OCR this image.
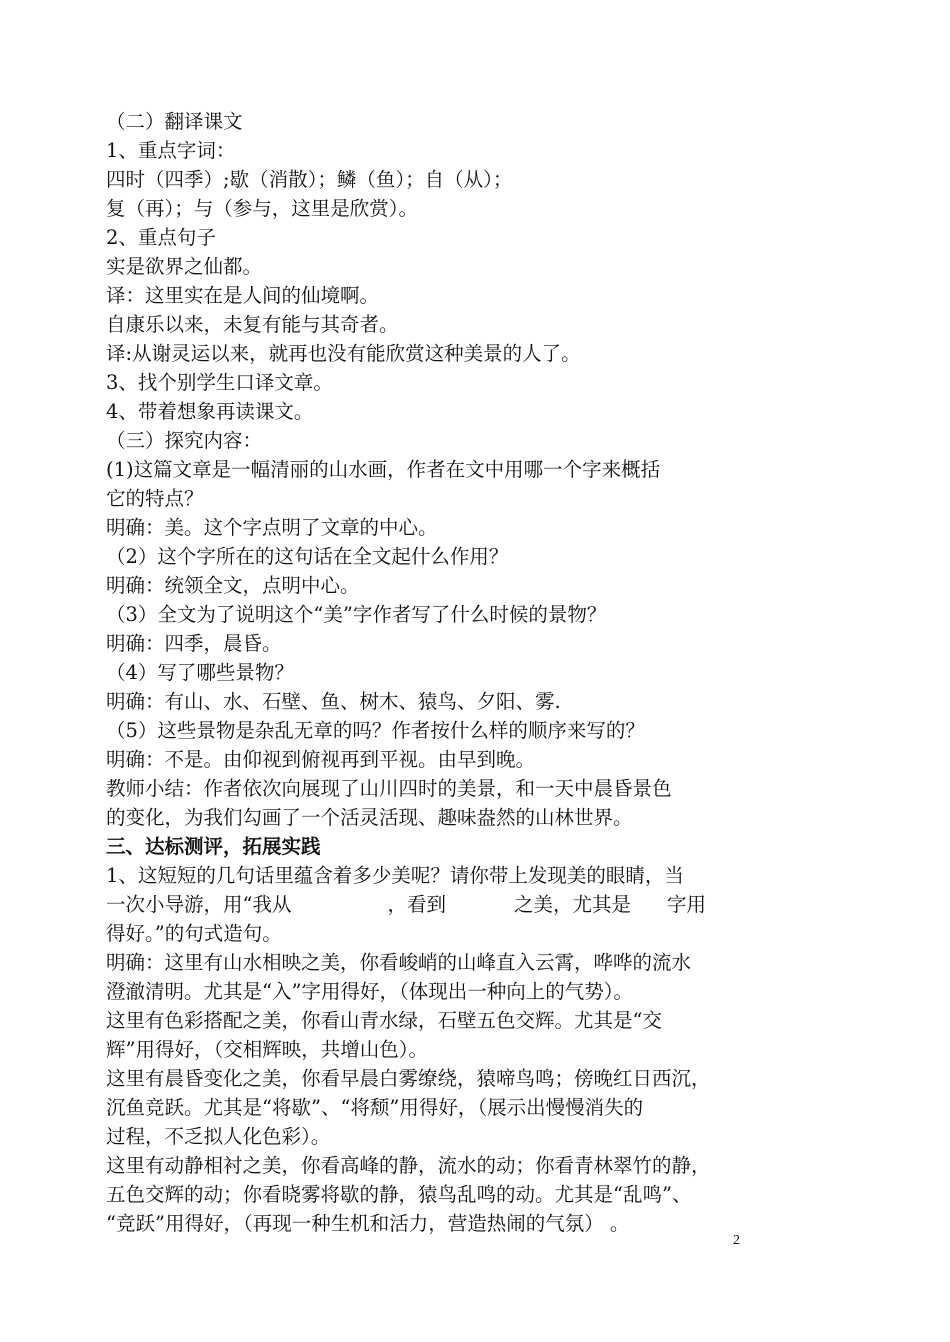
（二）翻译课文
1、重点字词：
四时（四季）;歇（消散）；鳞（鱼）；自（从）；
复（再）；与（参与，这里是欣赏）。
2、重点句子
实是欲界之仙都。
译：这里实在是人间的仙境啊。
自康乐以来，未复有能与其奇者。
译:从谢灵运以来，就再也没有能欣赏这种美景的人了。
3、找个别学生口译文章。
4、带着想象再读课文。
（三）探究内容：
(1)这篇文章是一幅清丽的山水画，作者在文中用哪一个字来概括
它的特点？
明确：美。这个字点明了文章的中心。
（2）这个字所在的这句话在全文起什么作用？
明确：统领全文，点明中心。
（3）全文为了说明这个“美”字作者写了什么时候的景物？
明确：四季，晨昏。
（4）写了哪些景物？
明确：有山、水、石壁、鱼、树木、猿鸟、夕阳、雾.
（5）这些景物是杂乱无章的吗？作者按什么样的顺序来写的？
明确：不是。由仰视到俯视再到平视。由早到晚。
教师小结：作者依次向展现了山川四时的美景，和一天中晨昏景色
的变化，为我们勾画了一个活灵活现、趣味盎然的山林世界。
三、达标测评，拓展实践
1、这短短的几句话里蕴含着多少美呢？请你带上发现美的眼睛，当
一次小导游，用“我从	，看到	之美，尤其是 字用
得好。”的句式造句。
明确：这里有山水相映之美，你看峻峭的山峰直入云霄，哗哗的流水
澄澈清明。尤其是“入”字用得好，（体现出一种向上的气势）。
这里有色彩搭配之美，你看山青水绿，石壁五色交辉。尤其是“交
辉”用得好，（交相辉映，共增山色）。
这里有晨昏变化之美，你看早晨白雾缭绕，猿啼鸟鸣；傍晚红日西沉，
沉鱼竞跃。尤其是“将歇”、“将颓”用得好，（展示出慢慢消失的
过程，不乏拟人化色彩）。
这里有动静相衬之美，你看高峰的静，流水的动；你看青林翠竹的静，
五色交辉的动；你看晓雾将歇的静，猿鸟乱鸣的动。尤其是“乱鸣”、
“竞跃”用得好，（再现一种生机和活力，营造热闹的气氛） 。
2
